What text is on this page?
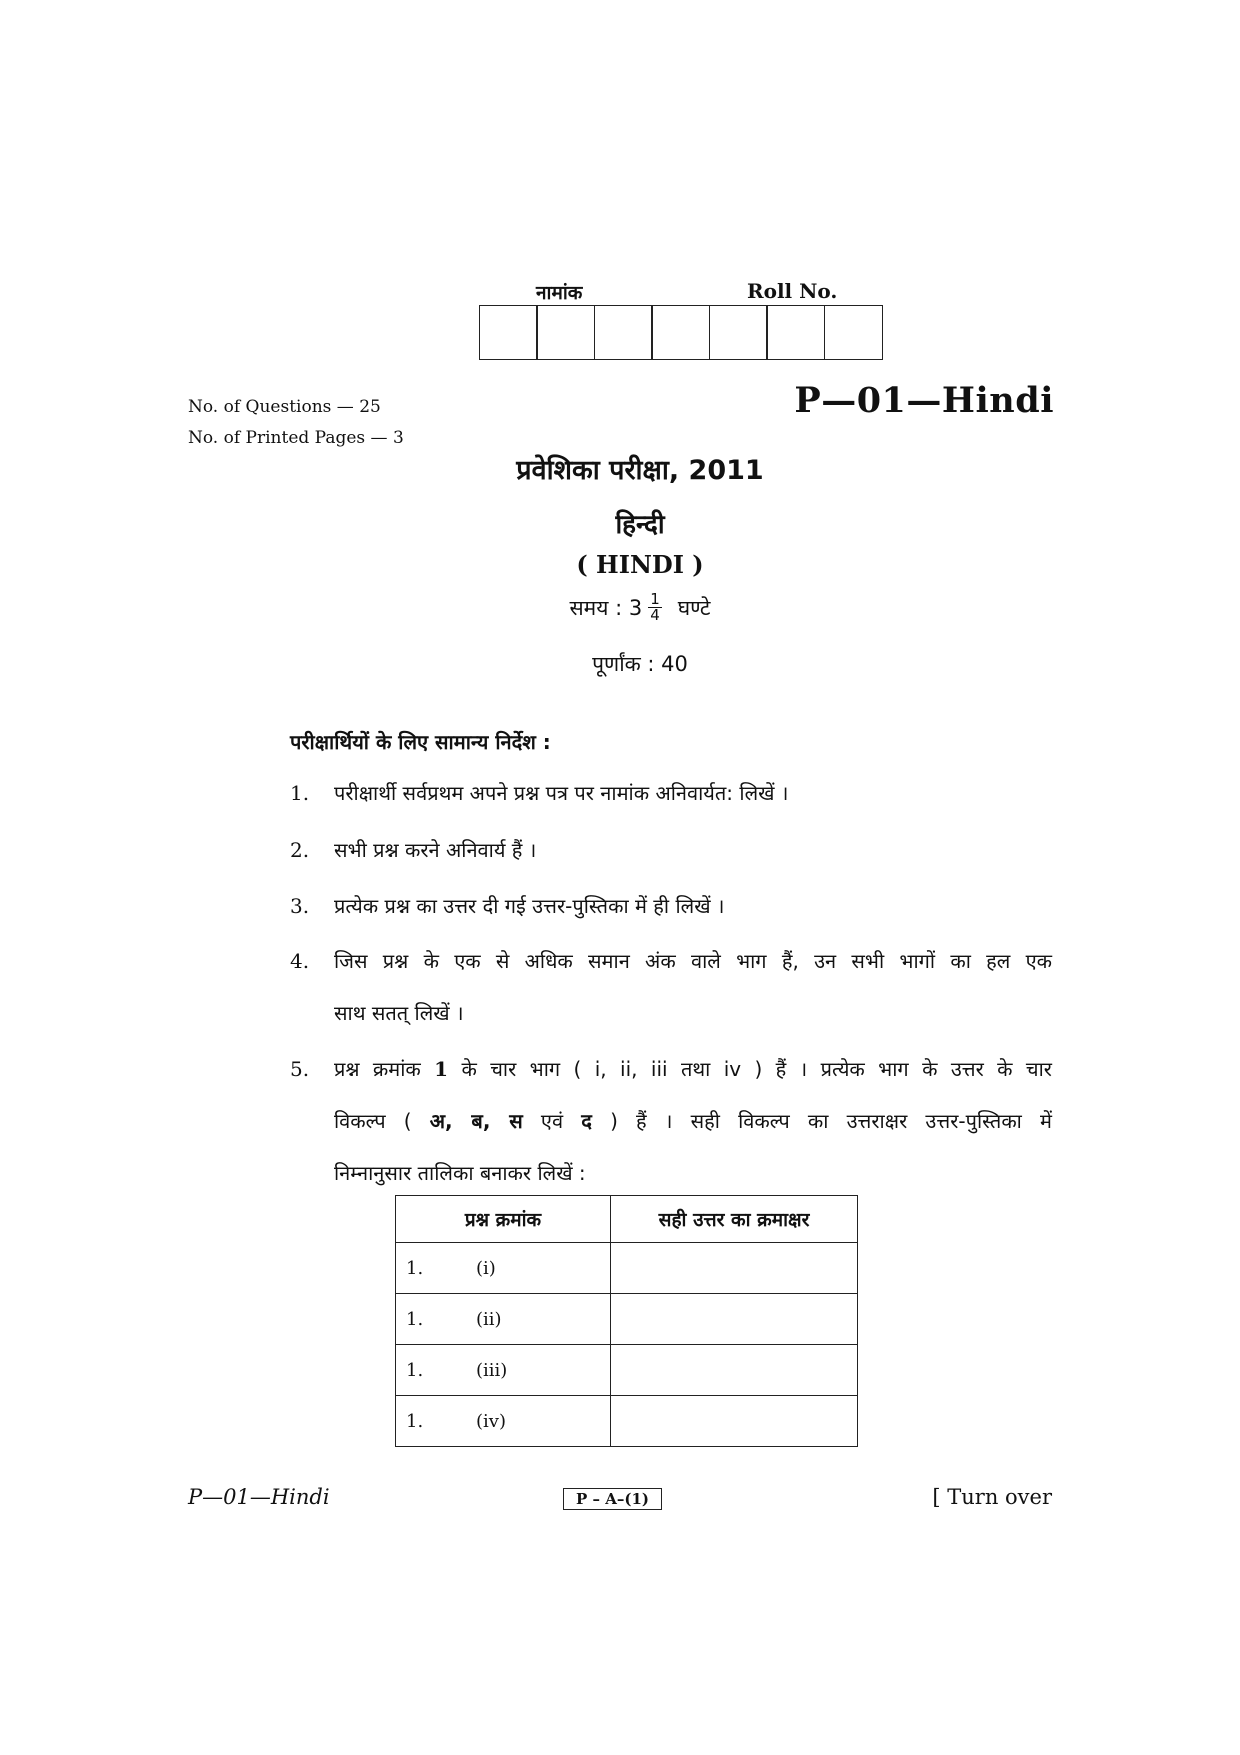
नामांक	Roll No.
No. of Questions — 25
No. of Printed Pages — 3
P—01—Hindi
प्रवेशिका परीक्षा, 2011
हिन्दी
( HINDI )
समय : $3 \frac{1}{4}$ घण्टे
पूर्णांक : 40
परीक्षार्थियों के लिए सामान्य निर्देश :
1. परीक्षार्थी सर्वप्रथम अपने प्रश्न पत्र पर नामांक अनिवार्यत: लिखें ।
2. सभी प्रश्न करने अनिवार्य हैं ।
3. प्रत्येक प्रश्न का उत्तर दी गई उत्तर-पुस्तिका में ही लिखें ।
4. जिस प्रश्न के एक से अधिक समान अंक वाले भाग हैं, उन सभी भागों का हल एक
साथ सतत् लिखें ।
5. प्रश्न क्रमांक 1 के चार भाग ( i, ii, iii तथा iv ) हैं । प्रत्येक भाग के उत्तर के चार
विकल्प ( अ, ब, स एवं द ) हैं । सही विकल्प का उत्तराक्षर उत्तर-पुस्तिका में
निम्नानुसार तालिका बनाकर लिखें :
प्रश्न क्रमांक	सही उत्तर का क्रमाक्षर
1. (i)	
1. (ii)	
1. (iii)	
1. (iv)	
P—01—Hindi	P – A–(1)	[ Turn over
